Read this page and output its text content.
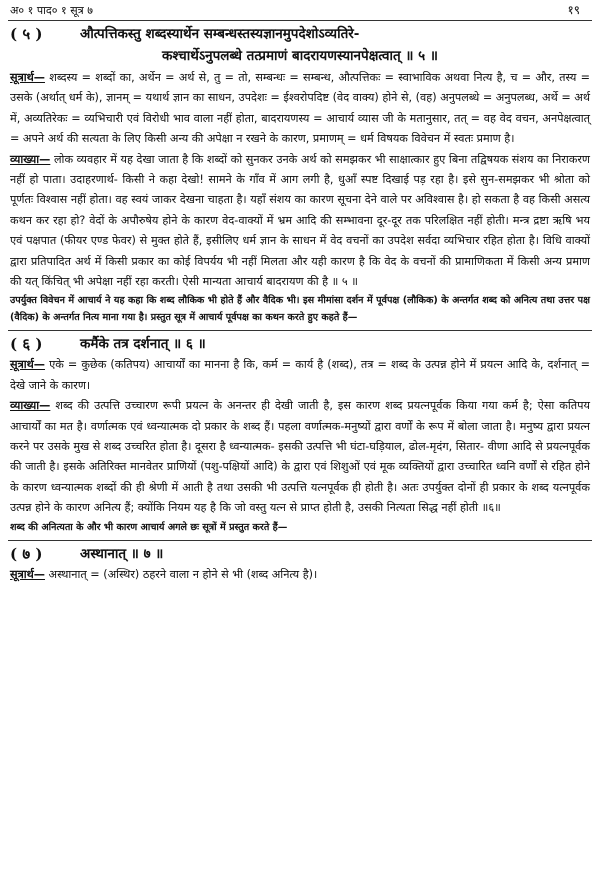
अ० १ पाद० १ सूत्र ७	१९
( ५ )	औत्पत्तिकस्तु शब्दस्यार्थेन सम्बन्धस्तस्यज्ञानमुपदेशोऽव्यतिरे-
कश्चार्थेऽनुपलब्धे तत्प्रमाणं बादरायणस्यानपेक्षत्वात् ॥ ५ ॥

सूत्रार्थ— शब्दस्य = शब्दों का, अर्थेन = अर्थ से, तु = तो, सम्बन्धः = सम्बन्ध, औत्पत्तिकः = स्वाभाविक अथवा नित्य है, च = और, तस्य = उसके (अर्थात् धर्म के), ज्ञानम् = यथार्थ ज्ञान का साधन, उपदेशः = ईश्वरोपदिष्ट (वेद वाक्य) होने से, (वह) अनुपलब्धे = अनुपलब्ध, अर्थे = अर्थ में, अव्यतिरेकः = व्यभिचारी एवं विरोधी भाव वाला नहीं होता, बादरायणस्य = आचार्य व्यास जी के मतानुसार, तत् = वह वेद वचन, अनपेक्षत्वात् = अपने अर्थ की सत्यता के लिए किसी अन्य की अपेक्षा न रखने के कारण, प्रमाणम् = धर्म विषयक विवेचन में स्वतः प्रमाण है।

व्याख्या— लोक व्यवहार में यह देखा जाता है कि शब्दों को सुनकर उनके अर्थ को समझकर भी साक्षात्कार हुए बिना तद्विषयक संशय का निराकरण नहीं हो पाता। उदाहरणार्थ- किसी ने कहा देखो! सामने के गाँव में आग लगी है, धुआँ स्पष्ट दिखाई पड़ रहा है। इसे सुन-समझकर भी श्रोता को पूर्णतः विश्वास नहीं होता। वह स्वयं जाकर देखना चाहता है। यहाँ संशय का कारण सूचना देने वाले पर अविश्वास है। हो सकता है वह किसी असत्य कथन कर रहा हो? वेदों के अपौरुषेय होने के कारण वेद-वाक्यों में भ्रम आदि की सम्भावना दूर-दूर तक परिलक्षित नहीं होती। मन्त्र द्रष्टा ऋषि भय एवं पक्षपात (फीयर एण्ड फेवर) से मुक्त होते हैं, इसीलिए धर्म ज्ञान के साधन में वेद वचनों का उपदेश सर्वदा व्यभिचार रहित होता है। विधि वाक्यों द्वारा प्रतिपादित अर्थ में किसी प्रकार का कोई विपर्यय भी नहीं मिलता और यही कारण है कि वेद के वचनों की प्रामाणिकता में किसी अन्य प्रमाण की यत् किंचित् भी अपेक्षा नहीं रहा करती। ऐसी मान्यता आचार्य बादरायण की है ॥ ५ ॥

उपर्युक्त विवेचन में आचार्य ने यह कहा कि शब्द लौकिक भी होते हैं और वैदिक भी। इस मीमांसा दर्शन में पूर्वपक्ष (लौकिक) के अन्तर्गत शब्द को अनित्य तथा उत्तर पक्ष (वैदिक) के अन्तर्गत नित्य माना गया है। प्रस्तुत सूत्र में आचार्य पूर्वपक्ष का कथन करते हुए कहते हैं—

( ६ )	कर्मैके तत्र दर्शनात् ॥ ६ ॥

सूत्रार्थ— एके = कुछेक (कतिपय) आचार्यों का मानना है कि, कर्म = कार्य है (शब्द), तत्र = शब्द के उत्पन्न होने में प्रयत्न आदि के, दर्शनात् = देखे जाने के कारण।

व्याख्या— शब्द की उत्पत्ति उच्चारण रूपी प्रयत्न के अनन्तर ही देखी जाती है, इस कारण शब्द प्रयत्नपूर्वक किया गया कर्म है; ऐसा कतिपय आचार्यों का मत है। वर्णात्मक एवं ध्वन्यात्मक दो प्रकार के शब्द हैं। पहला वर्णात्मक-मनुष्यों द्वारा वर्णों के रूप में बोला जाता है। मनुष्य द्वारा प्रयत्न करने पर उसके मुख से शब्द उच्चरित होता है। दूसरा है ध्वन्यात्मक- इसकी उत्पत्ति भी घंटा-घड़ियाल, ढोल-मृदंग, सितार- वीणा आदि से प्रयत्नपूर्वक की जाती है। इसके अतिरिक्त मानवेतर प्राणियों (पशु-पक्षियों आदि) के द्वारा एवं शिशुओं एवं मूक व्यक्तियों द्वारा उच्चारित ध्वनि वर्णों से रहित होने के कारण ध्वन्यात्मक शब्दों की ही श्रेणी में आती है तथा उसकी भी उत्पत्ति यत्नपूर्वक ही होती है। अतः उपर्युक्त दोनों ही प्रकार के शब्द यत्नपूर्वक उत्पन्न होने के कारण अनित्य हैं; क्योंकि नियम यह है कि जो वस्तु यत्न से प्राप्त होती है, उसकी नित्यता सिद्ध नहीं होती ॥६॥

शब्द की अनित्यता के और भी कारण आचार्य अगले छः सूत्रों में प्रस्तुत करते हैं—

( ७ )	अस्थानात् ॥ ७ ॥

सूत्रार्थ— अस्थानात् = (अस्थिर) ठहरने वाला न होने से भी (शब्द अनित्य है)।
